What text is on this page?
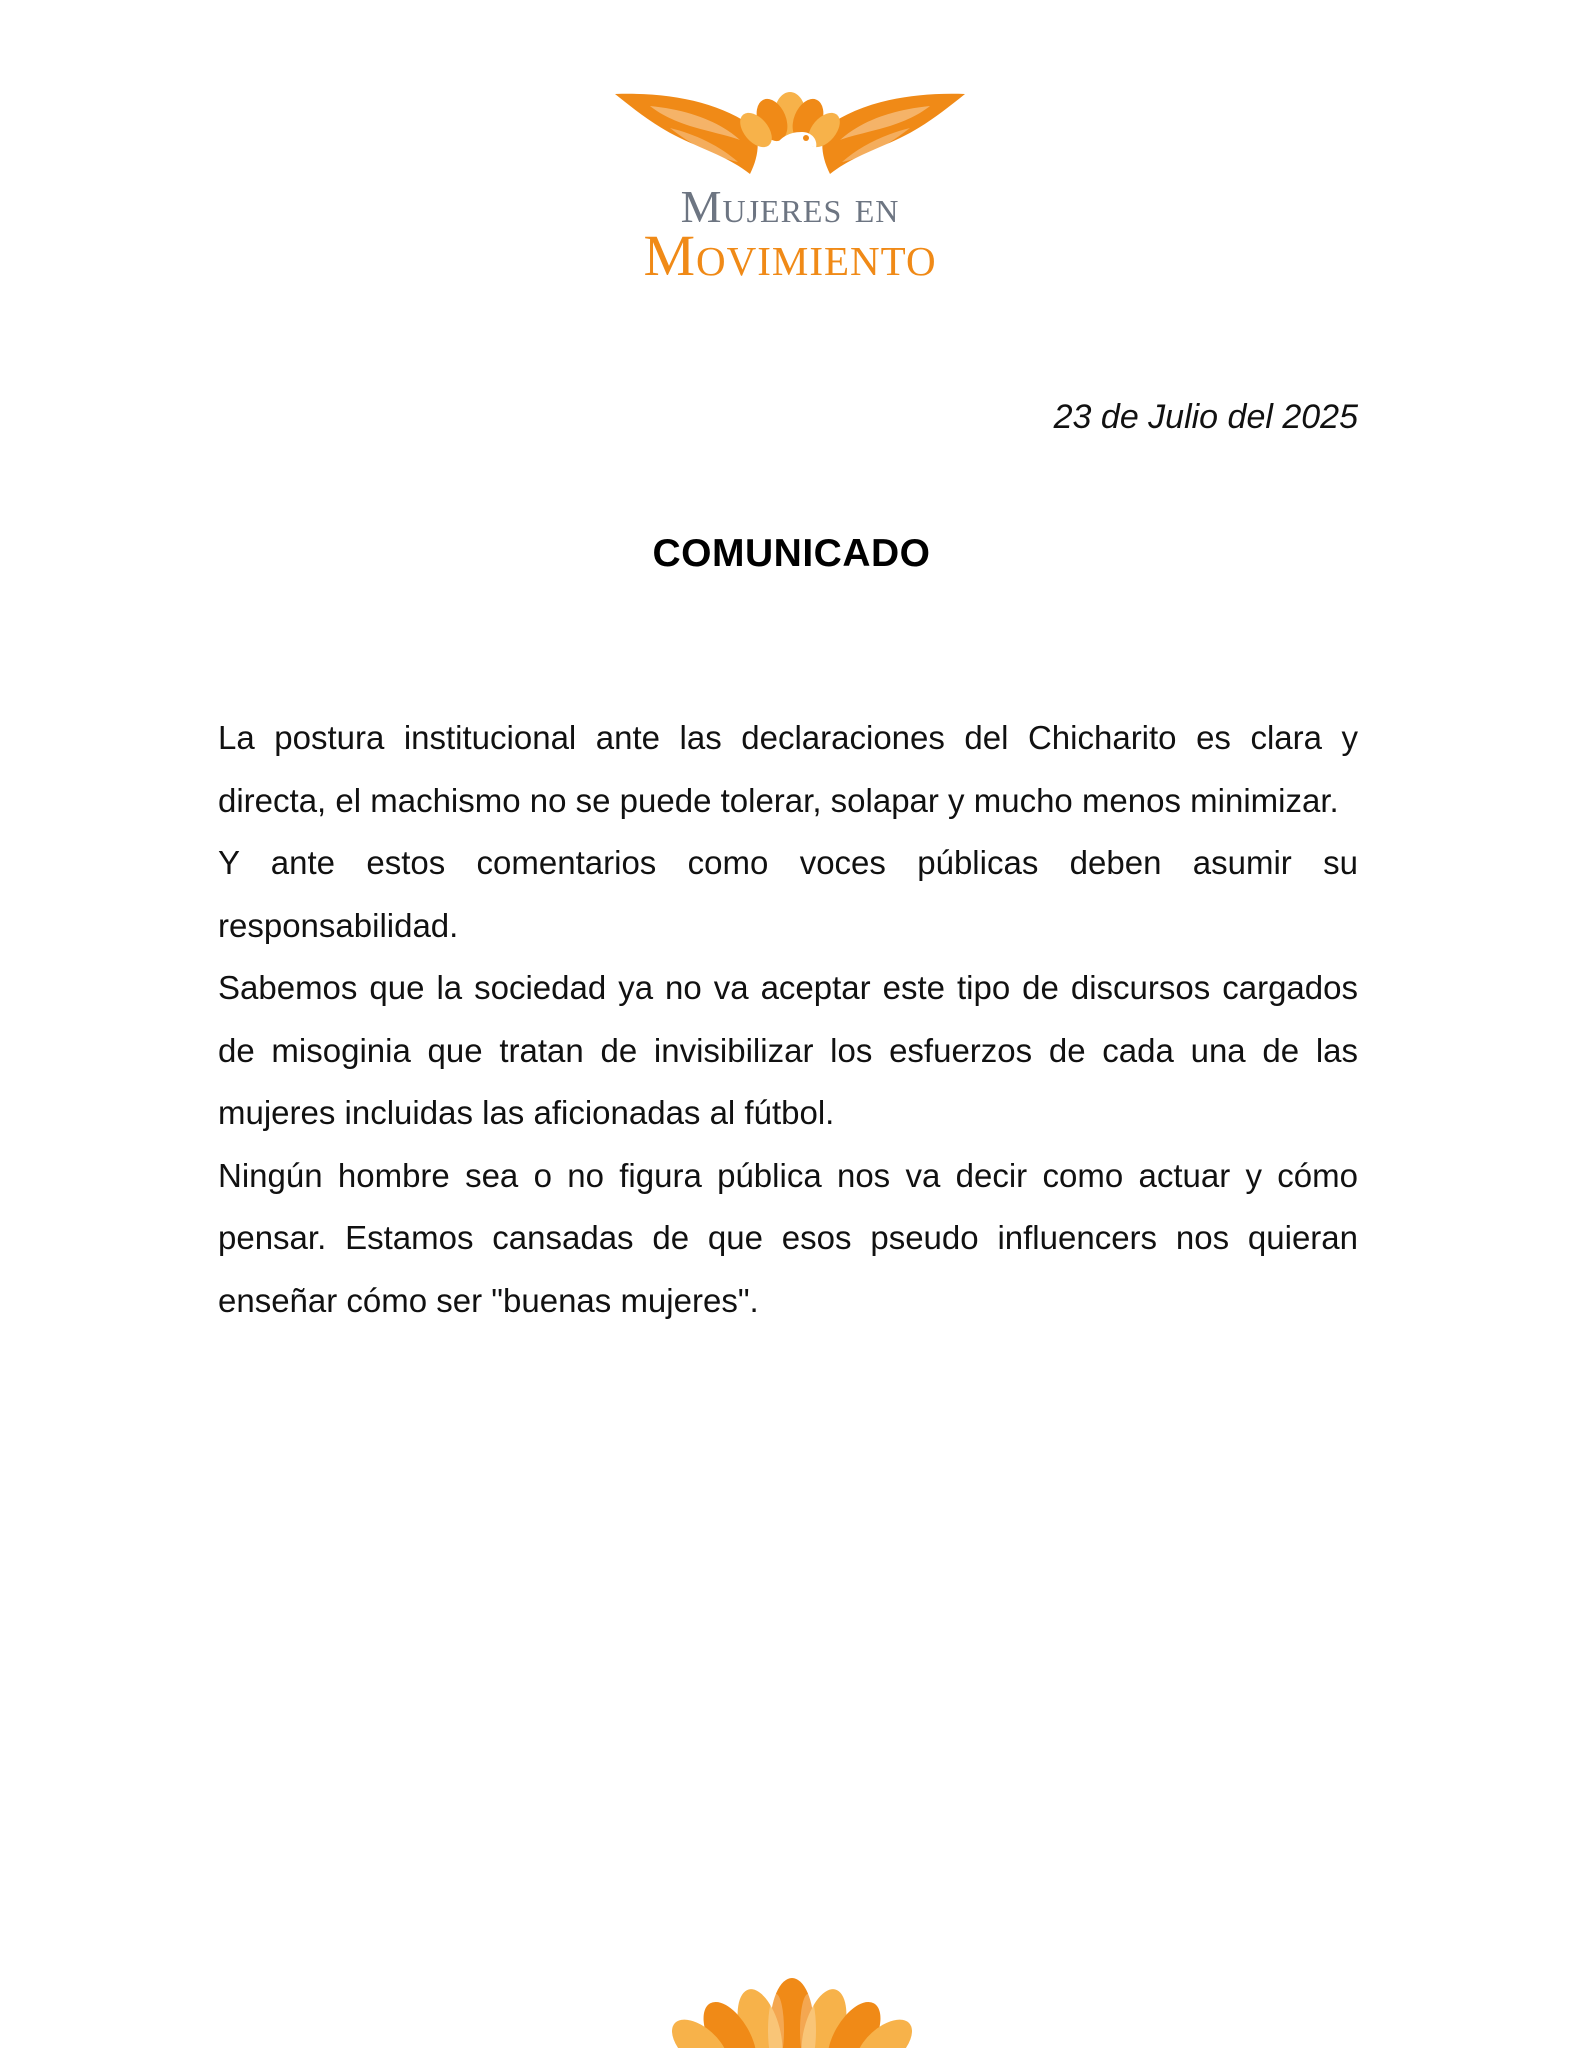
Mujeres en
Movimiento
23 de Julio del 2025
COMUNICADO

La postura institucional ante las declaraciones del Chicharito es clara y directa, el machismo no se puede tolerar, solapar y mucho menos minimizar.

Y ante estos comentarios como voces públicas deben asumir su responsabilidad.

Sabemos que la sociedad ya no va aceptar este tipo de discursos cargados de misoginia que tratan de invisibilizar los esfuerzos de cada una de las mujeres incluidas las aficionadas al fútbol.

Ningún hombre sea o no figura pública nos va decir como actuar y cómo pensar. Estamos cansadas de que esos pseudo influencers nos quieran enseñar cómo ser "buenas mujeres".
